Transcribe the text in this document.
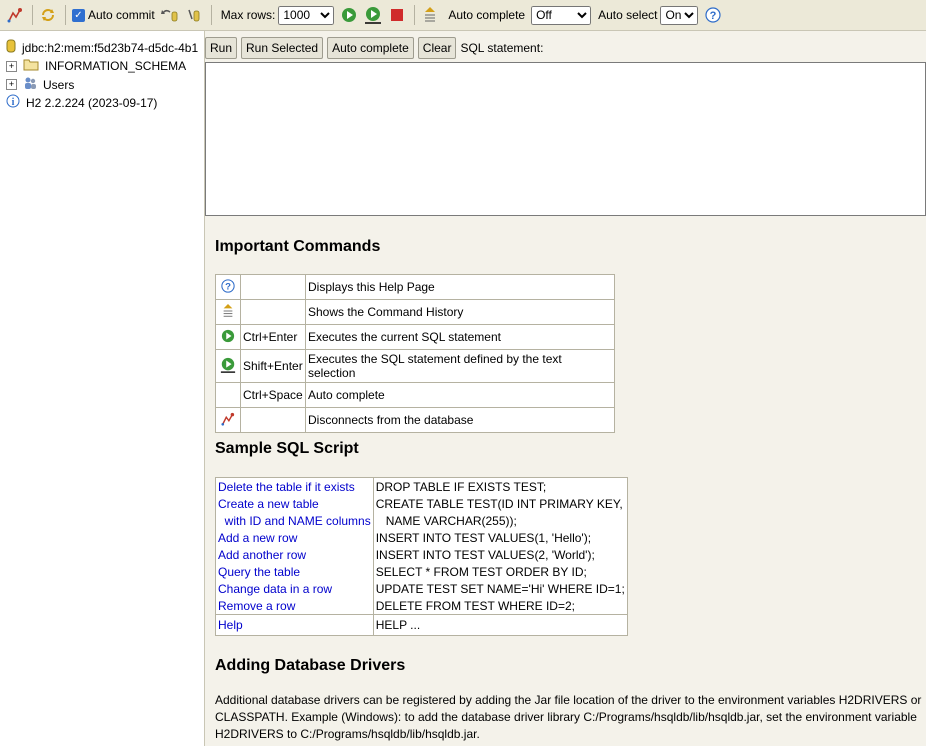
✓ Auto commit	Max rows:
1000	Auto complete
Off	Auto select
On	?
jdbc:h2:mem:f5d23b74-d5dc-4b1
+	INFORMATION_SCHEMA
+ Users
i H2 2.2.224 (2023-09-17)
Run	Run Selected	Auto complete	Clear SQL statement:
Important Commands
?		Displays this Help Page
		Shows the Command History
	Ctrl+Enter	Executes the current SQL statement
	Shift+Enter	Executes the SQL statement defined by the text selection
	Ctrl+Space	Auto complete
		Disconnects from the database
Sample SQL Script
Delete the table if it exists	DROP TABLE IF EXISTS TEST;
Create a new table	CREATE TABLE TEST(ID INT PRIMARY KEY,
with ID and NAME columns	NAME VARCHAR(255));
Add a new row	INSERT INTO TEST VALUES(1, 'Hello');
Add another row	INSERT INTO TEST VALUES(2, 'World');
Query the table	SELECT * FROM TEST ORDER BY ID;
Change data in a row	UPDATE TEST SET NAME='Hi' WHERE ID=1;
Remove a row	DELETE FROM TEST WHERE ID=2;
Help	HELP ...
Adding Database Drivers
Additional database drivers can be registered by adding the Jar file location of the driver to the environment variables H2DRIVERS or CLASSPATH. Example (Windows): to add the database driver library C:/Programs/hsqldb/lib/hsqldb.jar, set the environment variable H2DRIVERS to C:/Programs/hsqldb/lib/hsqldb.jar.
